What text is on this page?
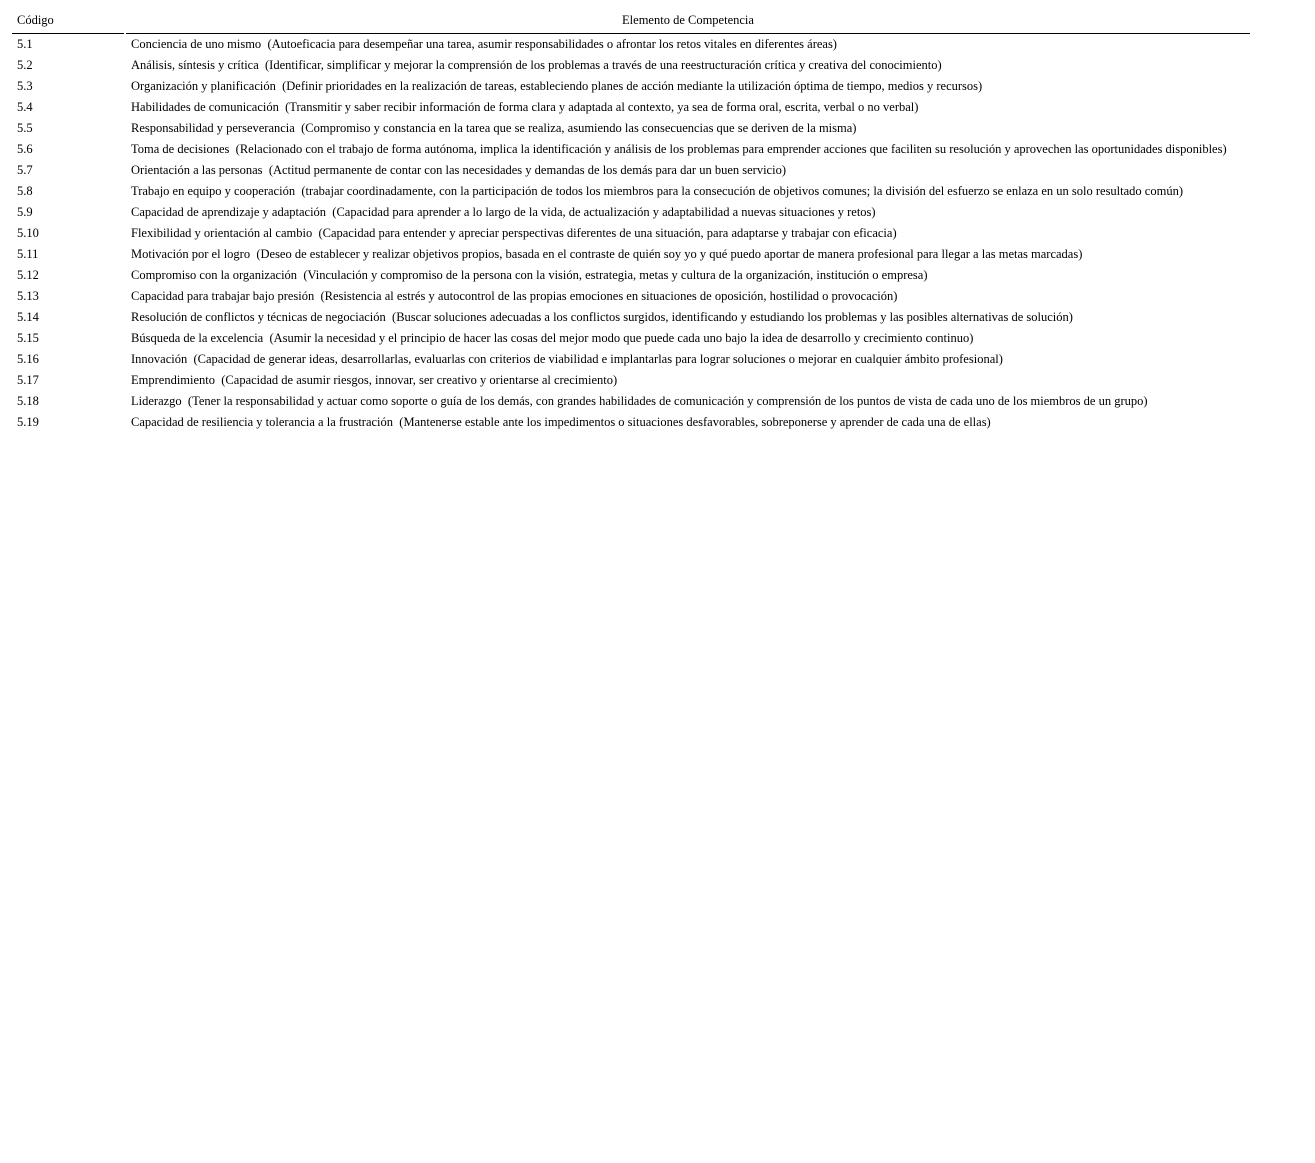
Código		Elemento de Competencia
5.1		Conciencia de uno mismo (Autoeficacia para desempeñar una tarea, asumir responsabilidades o afrontar los retos vitales en diferentes áreas)
5.2		Análisis, síntesis y crítica (Identificar, simplificar y mejorar la comprensión de los problemas a través de una reestructuración crítica y creativa del conocimiento)
5.3		Organización y planificación (Definir prioridades en la realización de tareas, estableciendo planes de acción mediante la utilización óptima de tiempo, medios y recursos)
5.4		Habilidades de comunicación (Transmitir y saber recibir información de forma clara y adaptada al contexto, ya sea de forma oral, escrita, verbal o no verbal)
5.5		Responsabilidad y perseverancia (Compromiso y constancia en la tarea que se realiza, asumiendo las consecuencias que se deriven de la misma)
5.6		Toma de decisiones (Relacionado con el trabajo de forma autónoma, implica la identificación y análisis de los problemas para emprender acciones que faciliten su resolución y aprovechen las oportunidades disponibles)
5.7		Orientación a las personas (Actitud permanente de contar con las necesidades y demandas de los demás para dar un buen servicio)
5.8		Trabajo en equipo y cooperación (trabajar coordinadamente, con la participación de todos los miembros para la consecución de objetivos comunes; la división del esfuerzo se enlaza en un solo resultado común)
5.9		Capacidad de aprendizaje y adaptación (Capacidad para aprender a lo largo de la vida, de actualización y adaptabilidad a nuevas situaciones y retos)
5.10		Flexibilidad y orientación al cambio (Capacidad para entender y apreciar perspectivas diferentes de una situación, para adaptarse y trabajar con eficacia)
5.11		Motivación por el logro (Deseo de establecer y realizar objetivos propios, basada en el contraste de quién soy yo y qué puedo aportar de manera profesional para llegar a las metas marcadas)
5.12		Compromiso con la organización (Vinculación y compromiso de la persona con la visión, estrategia, metas y cultura de la organización, institución o empresa)
5.13		Capacidad para trabajar bajo presión (Resistencia al estrés y autocontrol de las propias emociones en situaciones de oposición, hostilidad o provocación)
5.14		Resolución de conflictos y técnicas de negociación (Buscar soluciones adecuadas a los conflictos surgidos, identificando y estudiando los problemas y las posibles alternativas de solución)
5.15		Búsqueda de la excelencia (Asumir la necesidad y el principio de hacer las cosas del mejor modo que puede cada uno bajo la idea de desarrollo y crecimiento continuo)
5.16		Innovación (Capacidad de generar ideas, desarrollarlas, evaluarlas con criterios de viabilidad e implantarlas para lograr soluciones o mejorar en cualquier ámbito profesional)
5.17		Emprendimiento (Capacidad de asumir riesgos, innovar, ser creativo y orientarse al crecimiento)
5.18		Liderazgo (Tener la responsabilidad y actuar como soporte o guía de los demás, con grandes habilidades de comunicación y comprensión de los puntos de vista de cada uno de los miembros de un grupo)
5.19		Capacidad de resiliencia y tolerancia a la frustración (Mantenerse estable ante los impedimentos o situaciones desfavorables, sobreponerse y aprender de cada una de ellas)
